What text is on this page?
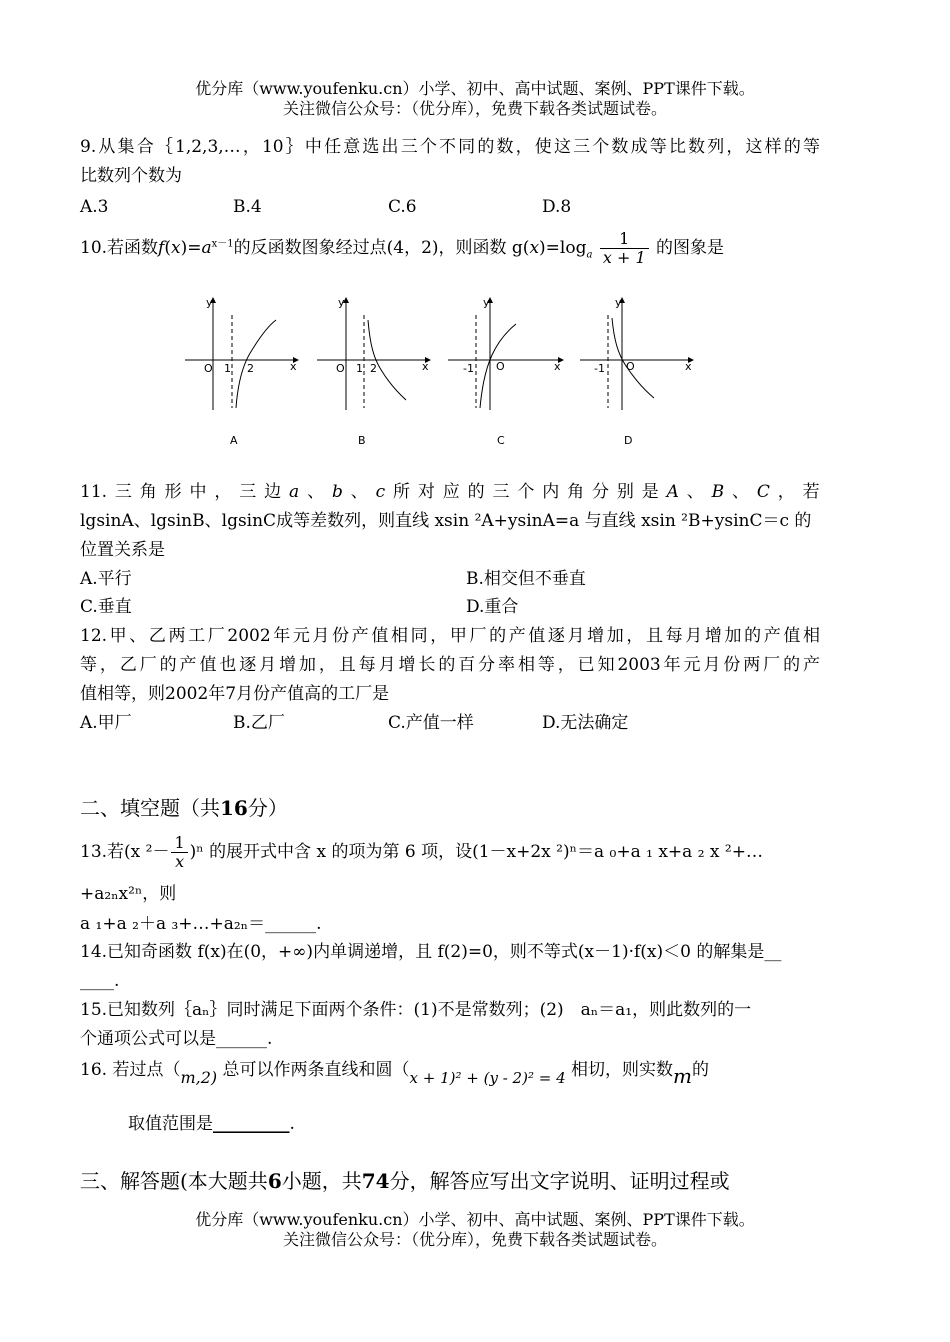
优分库（www.youfenku.cn）小学、初中、高中试题、案例、PPT课件下载。
关注微信公众号：（优分库），免费下载各类试题试卷。
9.从集合｛1,2,3,…，10｝中任意选出三个不同的数，使这三个数成等比数列，这样的等
比数列个数为
A.3	B.4	C.6	D.8
10.若函数$f(x)=a^{x-1}$的反函数图象经过点(4，2)，则函数 $g(x)=\log_a \frac{1}{x + 1}$ 的图象是
y
x
O 1 2
A
y
x
O 1 2
B
y
x
-1 O
C
y
x
-1 O
D
11. 三 角 形 中 ， 三 边 a 、 b 、 c 所 对 应 的 三 个 内 角 分 别 是 A 、 B 、 C ， 若
lgsinA、lgsinB、lgsinC成等差数列，则直线 xsin ²A+ysinA=a 与直线 xsin ²B+ysinC＝c 的
位置关系是
A.平行	B.相交但不垂直
C.垂直	D.重合
12.甲、乙两工厂2002年元月份产值相同，甲厂的产值逐月增加，且每月增加的产值相
等，乙厂的产值也逐月增加，且每月增长的百分率相等，已知2003年元月份两厂的产
值相等，则2002年7月份产值高的工厂是
A.甲厂	B.乙厂	C.产值一样	D.无法确定
二、填空题（共16分）
13.若(x $^2- \frac{1}{x} )^n$ 的展开式中含 x 的项为第 6 项，设(1－x+2x ²)ⁿ＝a ₀+a ₁ x+a ₂ x ²+…
+a₂ₙx²ⁿ，则
a ₁+a ₂＋a ₃+…+a₂ₙ＝______.
14.已知奇函数 f(x)在(0，+∞)内单调递增，且 f(2)=0，则不等式(x－1)·f(x)＜0 的解集是__
____.
15.已知数列｛aₙ｝同时满足下面两个条件：(1)不是常数列；(2)　aₙ＝a₁，则此数列的一
个通项公式可以是______.
16. 若过点（m,2) 总可以作两条直线和圆（x + 1)² + (y - 2)² = 4 相切，则实数m的
取值范围是_________.
三、解答题(本大题共6小题，共74分，解答应写出文字说明、证明过程或
优分库（www.youfenku.cn）小学、初中、高中试题、案例、PPT课件下载。
关注微信公众号：（优分库），免费下载各类试题试卷。
